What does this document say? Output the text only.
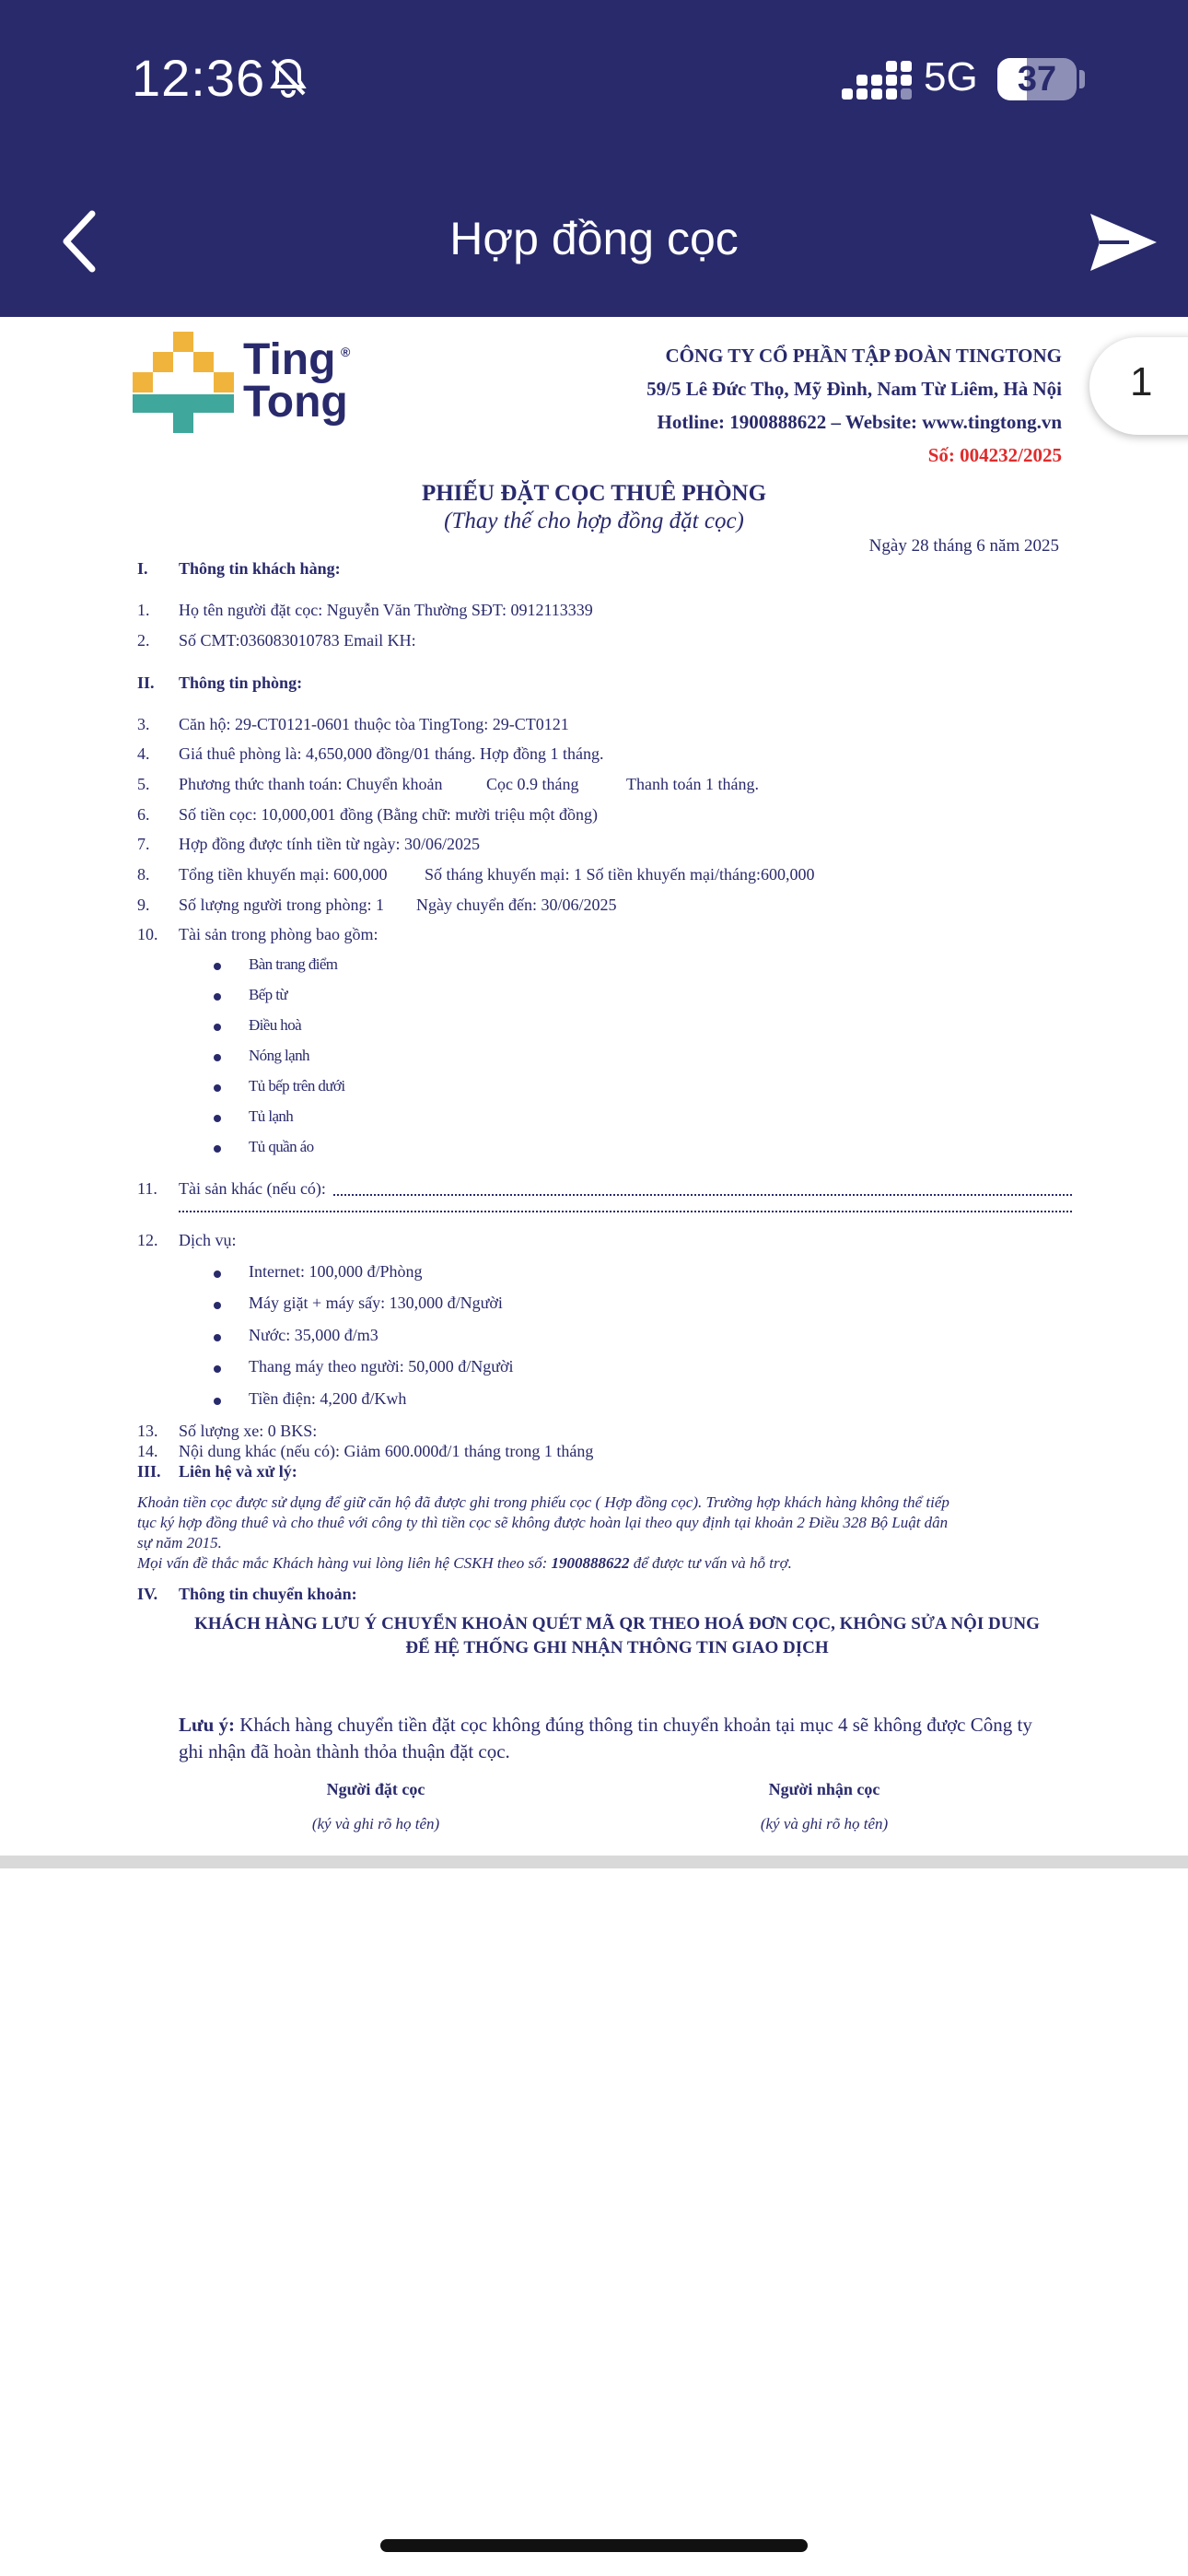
12:36	5G	37
Hợp đồng cọc
1
Ting
Tong
®	CÔNG TY CỔ PHẦN TẬP ĐOÀN TINGTONG
59/5 Lê Đức Thọ, Mỹ Đình, Nam Từ Liêm, Hà Nội
Hotline: 1900888622 – Website: www.tingtong.vn
Số: 004232/2025
PHIẾU ĐẶT CỌC THUÊ PHÒNG
(Thay thế cho hợp đồng đặt cọc)
Ngày 28 tháng 6 năm 2025
I. Thông tin khách hàng:
1. Họ tên người đặt cọc: Nguyễn Văn Thường SĐT: 0912113339
2. Số CMT:036083010783 Email KH:
II. Thông tin phòng:
3. Căn hộ: 29-CT0121-0601 thuộc tòa TingTong: 29-CT0121
4. Giá thuê phòng là: 4,650,000 đồng/01 tháng. Hợp đồng 1 tháng.
5. Phương thức thanh toán: Chuyển khoản	Cọc 0.9 tháng	Thanh toán 1 tháng.
6. Số tiền cọc: 10,000,001 đồng (Bằng chữ: mười triệu một đồng)
7. Hợp đồng được tính tiền từ ngày: 30/06/2025
8. Tổng tiền khuyến mại: 600,000 Số tháng khuyến mại: 1 Số tiền khuyến mại/tháng:600,000
9. Số lượng người trong phòng: 1 Ngày chuyển đến: 30/06/2025
10. Tài sản trong phòng bao gồm:
Bàn trang điểm
Bếp từ
Điều hoà
Nóng lạnh
Tủ bếp trên dưới
Tủ lạnh
Tủ quần áo
11. Tài sản khác (nếu có):
12. Dịch vụ:
Internet: 100,000 đ/Phòng
Máy giặt + máy sấy: 130,000 đ/Người
Nước: 35,000 đ/m3
Thang máy theo người: 50,000 đ/Người
Tiền điện: 4,200 đ/Kwh
13. Số lượng xe: 0 BKS:
14. Nội dung khác (nếu có): Giảm 600.000đ/1 tháng trong 1 tháng
III. Liên hệ và xử lý:
Khoản tiền cọc được sử dụng để giữ căn hộ đã được ghi trong phiếu cọc ( Hợp đồng cọc). Trường hợp khách hàng không thể tiếp
tục ký hợp đồng thuê và cho thuê với công ty thì tiền cọc sẽ không được hoàn lại theo quy định tại khoản 2 Điều 328 Bộ Luật dân
sự năm 2015.
Mọi vấn đề thắc mắc Khách hàng vui lòng liên hệ CSKH theo số: 1900888622 để được tư vấn và hỗ trợ.
IV. Thông tin chuyển khoản:
KHÁCH HÀNG LƯU Ý CHUYỂN KHOẢN QUÉT MÃ QR THEO HOÁ ĐƠN CỌC, KHÔNG SỬA NỘI DUNG
ĐỂ HỆ THỐNG GHI NHẬN THÔNG TIN GIAO DỊCH
Lưu ý: Khách hàng chuyển tiền đặt cọc không đúng thông tin chuyển khoản tại mục 4 sẽ không được Công ty ghi nhận đã hoàn thành thỏa thuận đặt cọc.
Người đặt cọc
(ký và ghi rõ họ tên)
Người nhận cọc
(ký và ghi rõ họ tên)
